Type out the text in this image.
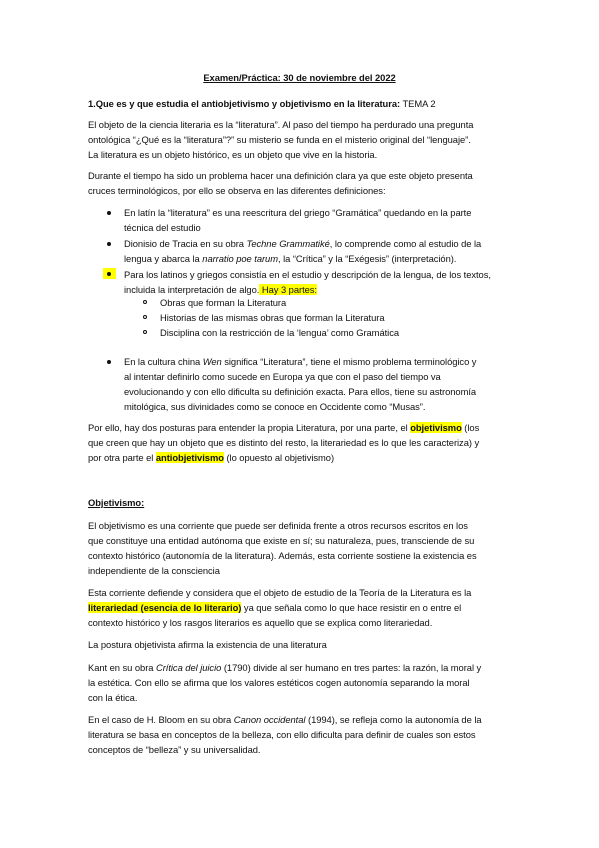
Examen/Práctica: 30 de noviembre del 2022
1.Que es y que estudia el antiobjetivismo y objetivismo en la literatura: TEMA 2
El objeto de la ciencia literaria es la “literatura”. Al paso del tiempo ha perdurado una pregunta
ontológica “¿Qué es la “literatura”?” su misterio se funda en el misterio original del “lenguaje”.
La literatura es un objeto histórico, es un objeto que vive en la historia.
Durante el tiempo ha sido un problema hacer una definición clara ya que este objeto presenta
cruces terminológicos, por ello se observa en las diferentes definiciones:
En latín la “literatura” es una reescritura del griego “Gramática” quedando en la parte
técnica del estudio
Dionisio de Tracia en su obra Techne Grammatiké, lo comprende como al estudio de la
lengua y abarca la narratio poe tarum, la “Crítica” y la “Exégesis” (interpretación).
Para los latinos y griegos consistía en el estudio y descripción de la lengua, de los textos,
incluida la interpretación de algo. Hay 3 partes:
Obras que forman la Literatura
Historias de las mismas obras que forman la Literatura
Disciplina con la restricción de la ‘lengua’ como Gramática
En la cultura china Wen significa “Literatura”, tiene el mismo problema terminológico y
al intentar definirlo como sucede en Europa ya que con el paso del tiempo va
evolucionando y con ello dificulta su definición exacta. Para ellos, tiene su astronomía
mitológica, sus divinidades como se conoce en Occidente como “Musas”.
Por ello, hay dos posturas para entender la propia Literatura, por una parte, el objetivismo (los
que creen que hay un objeto que es distinto del resto, la literariedad es lo que les caracteriza) y
por otra parte el antiobjetivismo (lo opuesto al objetivismo)
Objetivismo:
El objetivismo es una corriente que puede ser definida frente a otros recursos escritos en los
que constituye una entidad autónoma que existe en sí; su naturaleza, pues, transciende de su
contexto histórico (autonomía de la literatura). Además, esta corriente sostiene la existencia es
independiente de la consciencia
Esta corriente defiende y considera que el objeto de estudio de la Teoría de la Literatura es la
literariedad (esencia de lo literario) ya que señala como lo que hace resistir en o entre el
contexto histórico y los rasgos literarios es aquello que se explica como literariedad.
La postura objetivista afirma la existencia de una literatura
Kant en su obra Crítica del juicio (1790) divide al ser humano en tres partes: la razón, la moral y
la estética. Con ello se afirma que los valores estéticos cogen autonomía separando la moral
con la ética.
En el caso de H. Bloom en su obra Canon occidental (1994), se refleja como la autonomía de la
literatura se basa en conceptos de la belleza, con ello dificulta para definir de cuales son estos
conceptos de “belleza” y su universalidad.
